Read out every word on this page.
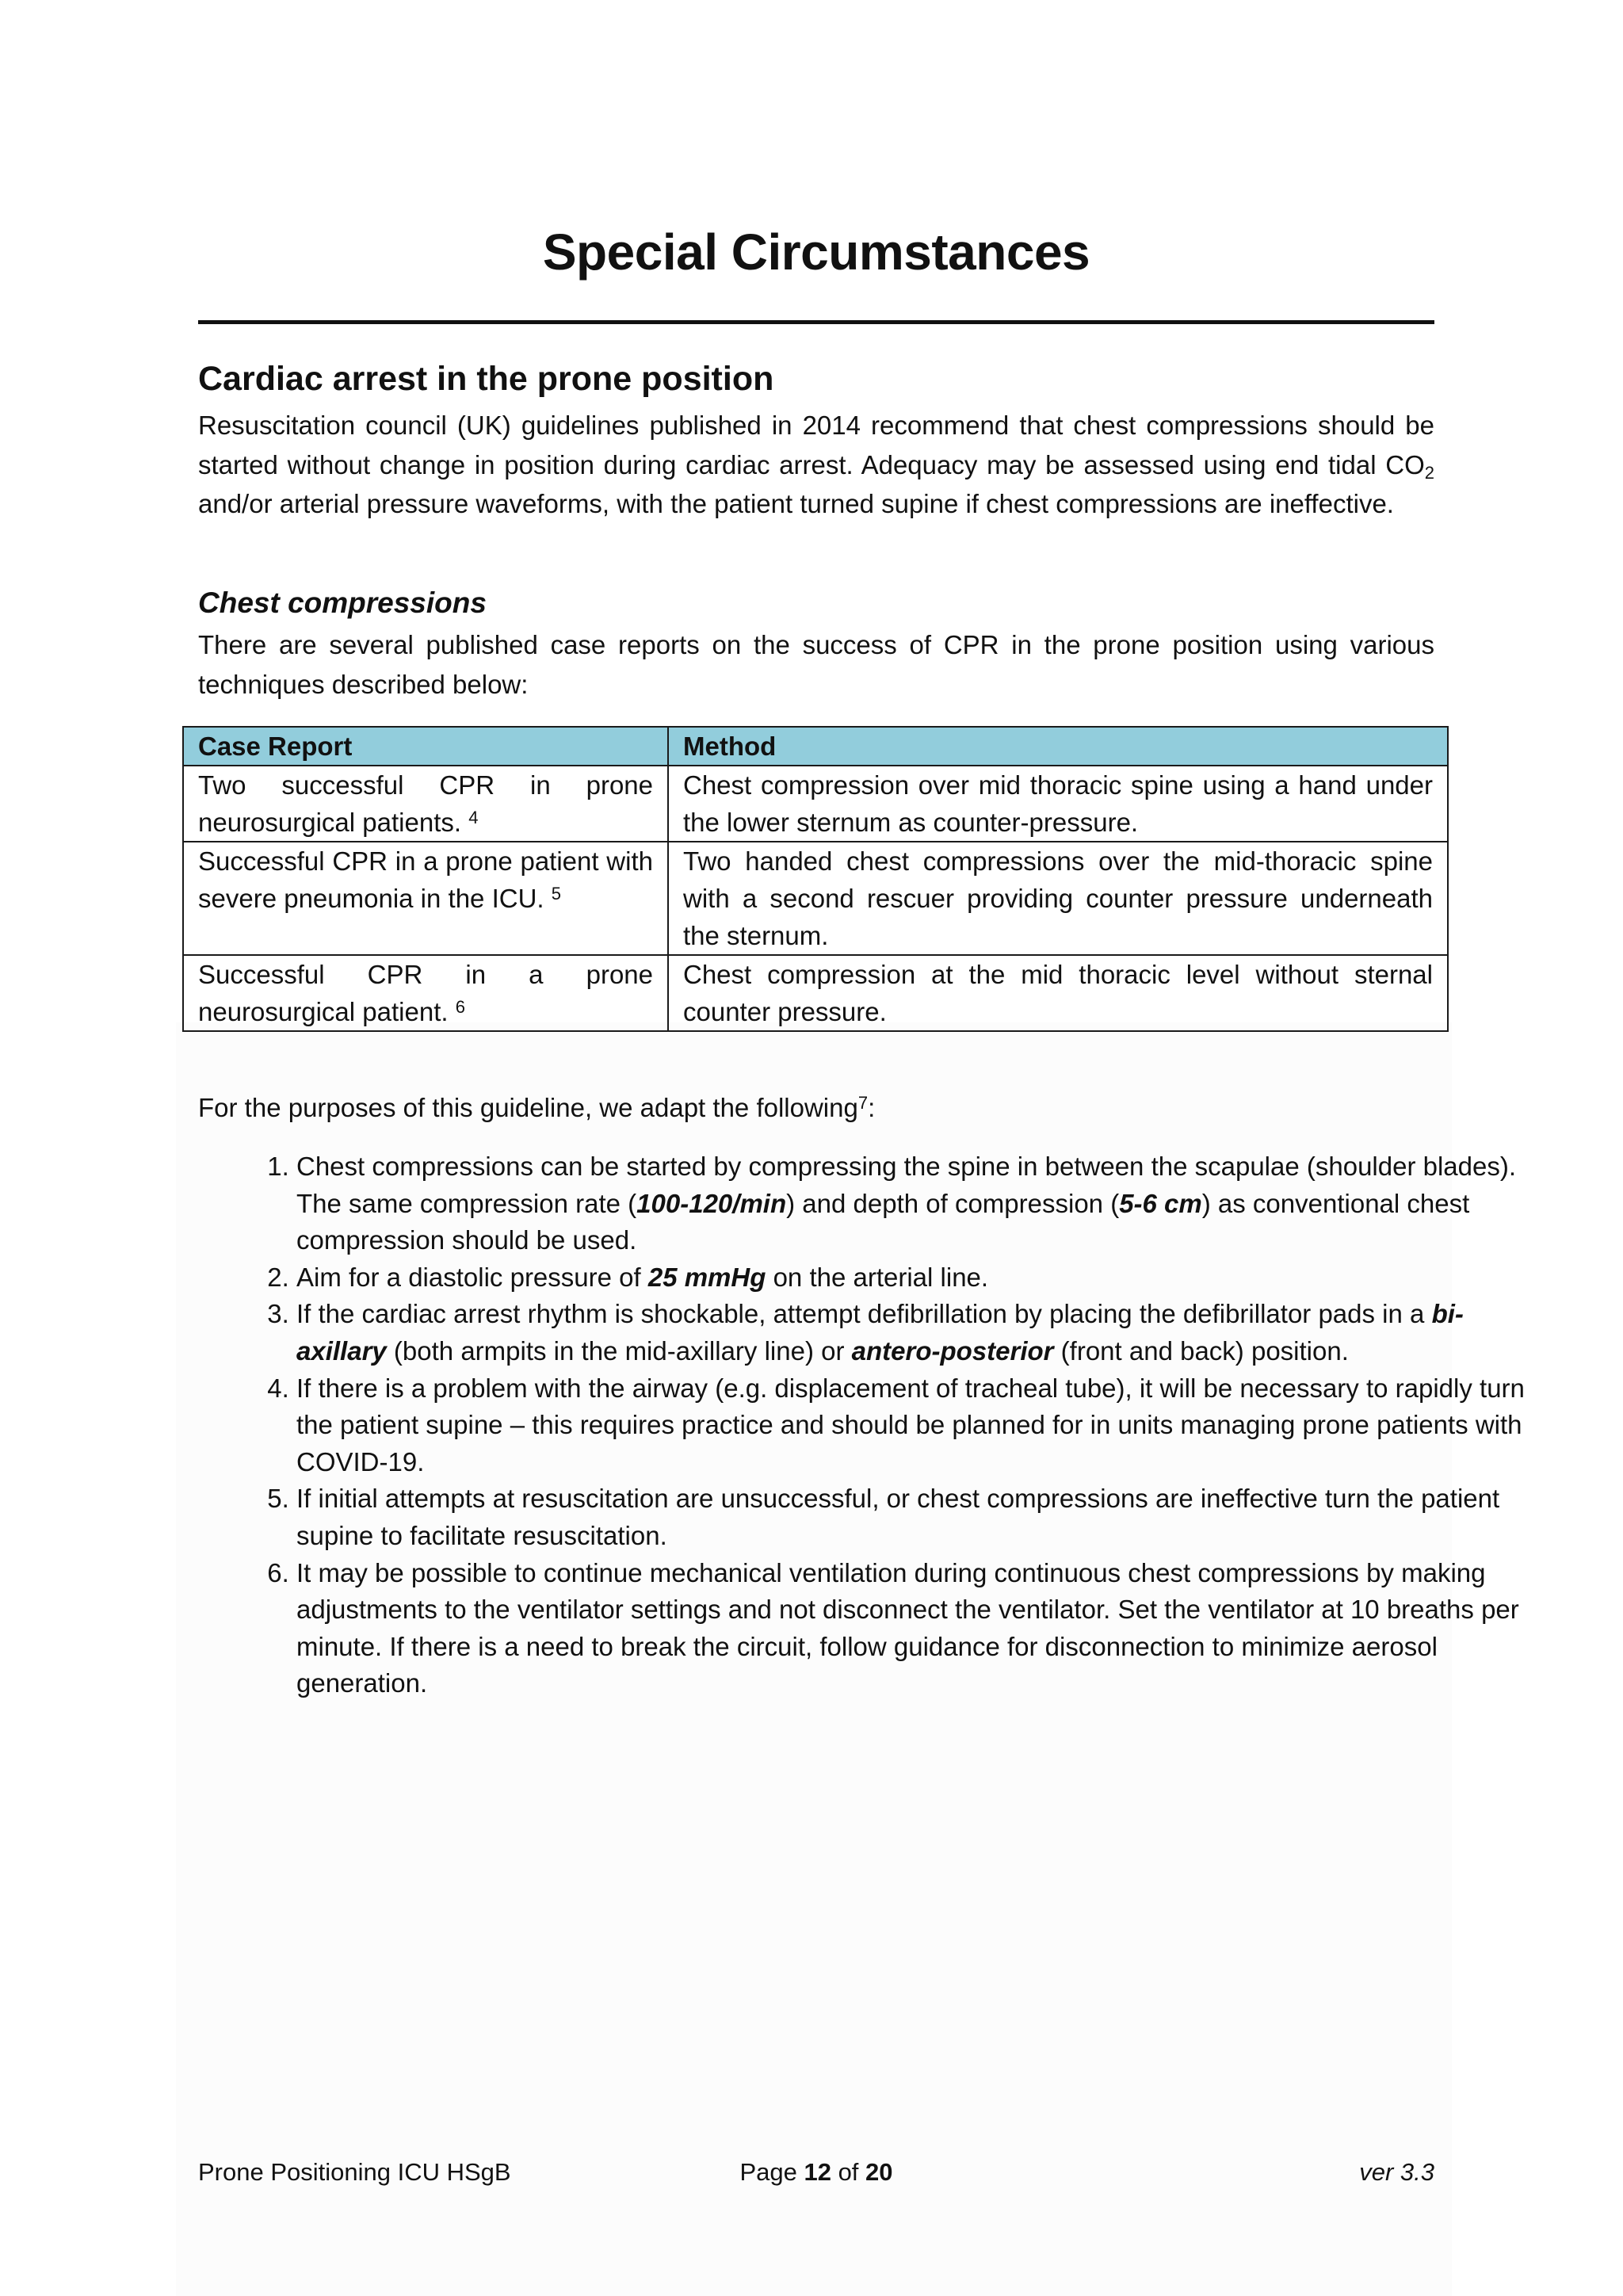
Special Circumstances
Cardiac arrest in the prone position

Resuscitation council (UK) guidelines published in 2014 recommend that chest compressions should be started without change in position during cardiac arrest. Adequacy may be assessed using end tidal $CO_2$ and/or arterial pressure waveforms, with the patient turned supine if chest compressions are ineffective.

Chest compressions

There are several published case reports on the success of CPR in the prone position using various techniques described below:

Case Report	Method
Two successful CPR in prone neurosurgical patients. $^4$	Chest compression over mid thoracic spine using a hand under the lower sternum as counter-pressure.
Successful CPR in a prone patient with severe pneumonia in the ICU. $^5$	Two handed chest compressions over the mid-thoracic spine with a second rescuer providing counter pressure underneath the sternum.
Successful CPR in a prone neurosurgical patient. $^6$	Chest compression at the mid thoracic level without sternal counter pressure.

For the purposes of this guideline, we adapt the following$^7$:

1. Chest compressions can be started by compressing the spine in between the scapulae (shoulder blades). The same compression rate (100-120/min) and depth of compression (5-6 cm) as conventional chest compression should be used.
2. Aim for a diastolic pressure of 25 mmHg on the arterial line.
3. If the cardiac arrest rhythm is shockable, attempt defibrillation by placing the defibrillator pads in a bi-axillary (both armpits in the mid-axillary line) or antero-posterior (front and back) position.
4. If there is a problem with the airway (e.g. displacement of tracheal tube), it will be necessary to rapidly turn the patient supine – this requires practice and should be planned for in units managing prone patients with COVID-19.
5. If initial attempts at resuscitation are unsuccessful, or chest compressions are ineffective turn the patient supine to facilitate resuscitation.
6. It may be possible to continue mechanical ventilation during continuous chest compressions by making adjustments to the ventilator settings and not disconnect the ventilator. Set the ventilator at 10 breaths per minute. If there is a need to break the circuit, follow guidance for disconnection to minimize aerosol generation.
Prone Positioning ICU HSgB	Page 12 of 20	ver 3.3
